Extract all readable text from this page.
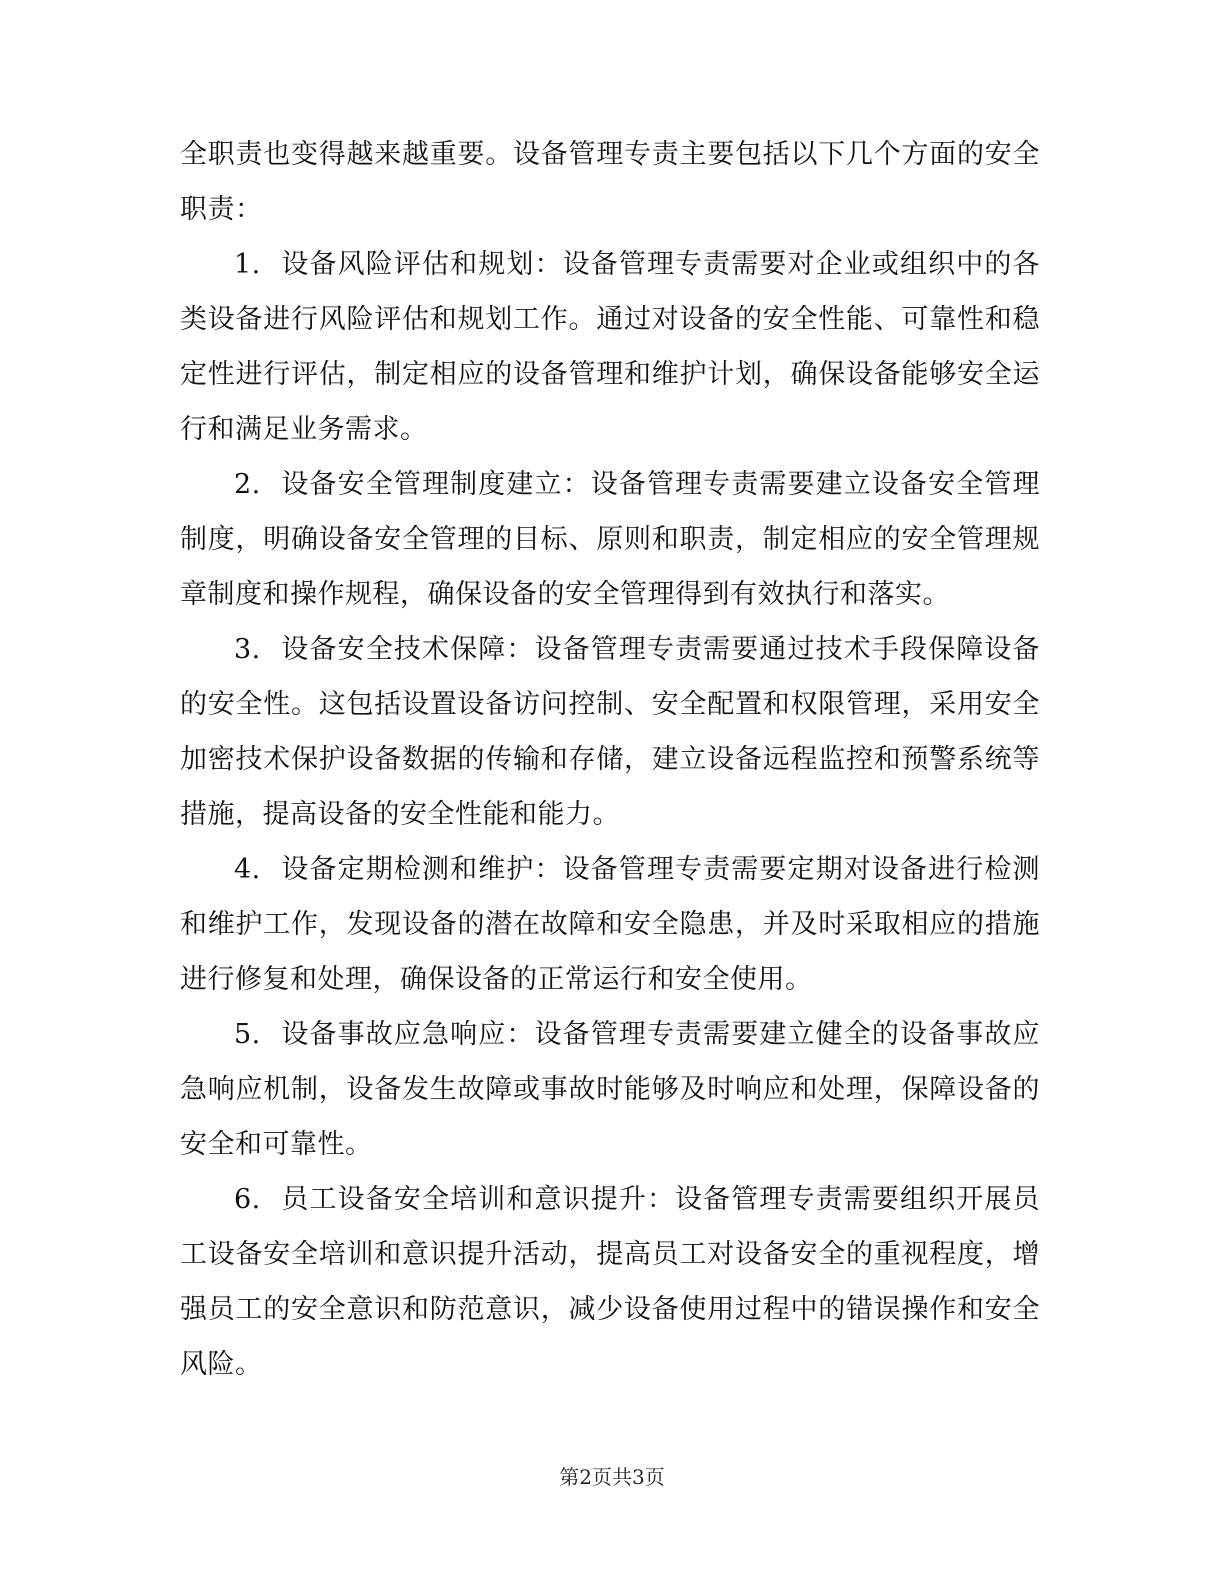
全职责也变得越来越重要。设备管理专责主要包括以下几个方面的安全职责：

1. 设备风险评估和规划：设备管理专责需要对企业或组织中的各类设备进行风险评估和规划工作。通过对设备的安全性能、可靠性和稳定性进行评估，制定相应的设备管理和维护计划，确保设备能够安全运行和满足业务需求。

2. 设备安全管理制度建立：设备管理专责需要建立设备安全管理制度，明确设备安全管理的目标、原则和职责，制定相应的安全管理规章制度和操作规程，确保设备的安全管理得到有效执行和落实。

3. 设备安全技术保障：设备管理专责需要通过技术手段保障设备的安全性。这包括设置设备访问控制、安全配置和权限管理，采用安全加密技术保护设备数据的传输和存储，建立设备远程监控和预警系统等措施，提高设备的安全性能和能力。

4. 设备定期检测和维护：设备管理专责需要定期对设备进行检测和维护工作，发现设备的潜在故障和安全隐患，并及时采取相应的措施进行修复和处理，确保设备的正常运行和安全使用。

5. 设备事故应急响应：设备管理专责需要建立健全的设备事故应急响应机制，设备发生故障或事故时能够及时响应和处理，保障设备的安全和可靠性。

6. 员工设备安全培训和意识提升：设备管理专责需要组织开展员工设备安全培训和意识提升活动，提高员工对设备安全的重视程度，增强员工的安全意识和防范意识，减少设备使用过程中的错误操作和安全风险。

第2页共3页
